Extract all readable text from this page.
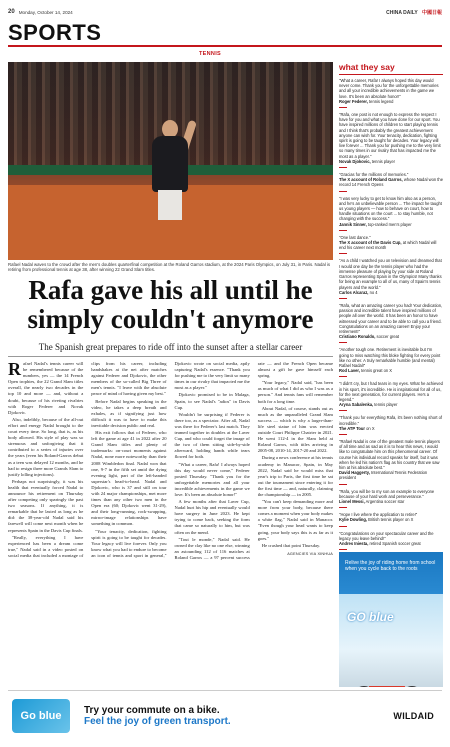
20 Monday, October 14, 2024	CHINA DAILY 中國日報
SPORTS
TENNIS
Rafael Nadal waves to the crowd after the men's doubles quarterfinal competition at the Roland Garros stadium, at the 2024 Paris Olympics, on July 31, in Paris. Nadal is retiring from professional tennis at age 38, after winning 22 Grand Slam titles.
Rafa gave his all until he simply couldn't anymore
The Spanish great prepares to ride off into the sunset after a stellar career

Rafael Nadal's tennis career will be remembered because of the numbers, yes — the 14 French Open trophies, the 22 Grand Slam titles overall, the nearly two decades in the top 10 and more — and, without a doubt, because of his riveting rivalries with Roger Federer and Novak Djokovic.

Also, indelibly, because of the all-out effort and energy Nadal brought to the court every time. So long, that is, as his body allowed. His style of play was so strenuous and unforgiving that it contributed to a series of injuries over the years (even his Roland-Garros debut as a teen was delayed 12 months, and he had to resign three more Grands Slam to justify lolling injections).

Perhaps not surprisingly, it was his health that eventually forced Nadal to announce his retirement on Thursday after competing only sparingly the past two seasons. If anything, it is remarkable that he lasted as long as he did: the 38-year-old Nadal said his farewell will come next month when he represents Spain in the Davis Cup finals.

"Really, everything I have experienced has been a dream come true," Nadal said in a video posted on social media that included a montage of clips from his career, including handshakes at the net after matches against Federer and Djokovic, the other members of the so-called Big Three of men's tennis. "I leave with the absolute peace of mind of having given my best."

Before Nadal begins speaking in the video, he takes a deep breath and exhales, as if signifying just how difficult it was to have to make this inevitable decision public and real.

His exit follows that of Federer, who left the game at age 41 in 2022 after 20 Grand Slam titles and plenty of trademarks: on-court moments against Nadal, none more noteworthy than their 2008 Wimbledon final. Nadal won that one, 9-7 in the fifth set amid the dying evening light, part of the left-handed superstar's head-to-head. Nadal and Djokovic, who is 37 and still on tour with 24 major championships, met more times than any other two men in the Open era (60; Djokovic went 31-29), and their long-running, rock-swapping, mirror-image relationships have something in common.

"Your tenacity, dedication, fighting spirit is going to be taught for decades. Your legacy will live forever. Only you know what you had to endure to become an icon of tennis and sport in general," Djokovic wrote on social media, aptly capturing Nadal's essence. "Thank you for pushing me to the very limit so many times in our rivalry that impacted me the most as a player."

Djokovic promised to be in Malaga, Spain, to see Nadal's "adios" in Davis Cup.

Wouldn't be surprising if Federer is there too, as a spectator. After all, Nadal was there for Federer's last match. They teamed together in doubles at the Laver Cup, and who could forget the image of the two of them sitting side-by-side afterward, holding hands while tears flowed for both.

"What a career, Rafa! I always hoped this day would never come," Federer posted Thursday. "Thank you for the unforgettable memories and all your incredible achievements in the game we love. It's been an absolute honor!"

A few months after that Laver Cup, Nadal hurt his hip and eventually would have surgery in June 2023. He kept trying to come back, seeking the form that came so naturally to him, but was often on the mend.

"Tout le monde," Nadal said. He owned the clay like no one else, winning an astounding 112 of 116 matches at Roland Garros — a 97 percent success rate — and the French Open became almost a gift he gave himself each spring.

"Your legacy," Nadal said, "has been as much of what I did as who I was as a person." And tennis fans will remember both for a long time.

About Nadal, of course, stands out as much as the unparalleled Grand Slam success — which is why a larger-than-life steel statue of him was erected outside Court Philippe Chatrier in 2021. He went 112-4 in the Slam held at Roland Garros, with titles arriving in 2005-08, 2010-14, 2017-20 and 2022.

During a news conference at his tennis academy in Manacor, Spain, in May 2022, Nadal said he would miss that year's trip to Paris, the first time he sat out the tournament since entering it for the first time — and, naturally, claiming the championship — in 2005.

"You can't keep demanding more and more from your body, because there comes a moment when your body makes a white flag," Nadal said in Manacor. "Even though your head wants to keep going, your body says this is as far as it goes."

He crashed that point Thursday.

AGENCIES VIA XINHUA

what they say
"What a career, Rafa! I always hoped this day would never come. Thank you for the unforgettable memories and all your incredible achievements in the game we love. It's been an absolute honor!"
Roger Federer, tennis legend
"Rafa, one post is not enough to express the respect I have for you and what you have done for our sport. You have inspired millions of children to start playing tennis and I think that's probably the greatest achievement anyone can wish for. Your tenacity, dedication, fighting spirit is going to be taught for decades. Your legacy will live forever ... Thank you for pushing me to the very limit so many times in our rivalry that has impacted me the most as a player."
Novak Djokovic, tennis player
"Gracias for the millions of memories."
The X account of Roland Garros, whose Nadal won the record 14 French Opens
"I was very lucky to get to know him also as a person, and he's an unbelievable person ... The impact he taught us young players — how to behave on court, how to handle situations on the court ... to stay humble, not changing with the success."
Jannik Sinner, top-ranked men's player
"One last dance."
The X account of the Davis Cup, at which Nadal will end his career next month
"As a child I watched you on television and dreamed that I would one day be the tennis player who had the immense pleasure of playing by your side at Roland Garros representing Spain in the Olympics! Many thanks for being an example to all of us, many of Spain's tennis players and the world."
Carlos Alcaraz, no 4
"Rafa, what an amazing career you had! Your dedication, passion and incredible talent have inspired millions of people all over the world. It has been an honor to have witnessed your career and to be able to call you a friend. Congratulations on an amazing career! Enjoy your retirement!"
Cristiano Ronaldo, soccer great
"Another tough one. Retirement is inevitable but I'm going to miss watching this bloke fighting for every point like no other. A truly remarkable humble (and mental) Rafael Nadal!"
Rod Laver, tennis great on X
"I didn't cry, but I had tears in my eyes. What he achieved in his sport, it's incredible. He is inspirational for all of us, for the next generation, for current players. He's a legend."
Aryna Sabalenka, tennis player
"Thank you for everything Rafa, it's been nothing short of incredible."
The ATP Tour on X
"Rafael Nadal is one of the greatest male tennis players of all time and as sad as it is to hear this news, I would like to congratulate him on this phenomenal career. Of course his individual record speaks for itself, but it was when he led his nation's flag as his country that we saw him at his absolute best."
David Haggerty, International Tennis Federation president
"Rafa, you will be to my son an example to everyone because of your hard work and perseverance."
Lionel Messi, Argentina soccer star
"Hope I live where the application to retire!"
Kylie Dowling, British tennis player on X
"Congratulations on your spectacular career and the legacy you leave behind!"
Andres Iniesta, retired Spanish soccer great
Relive the joy of riding home from school when you cycle back to the roots
GO blue
Go blue	Try your commute on a bike.
Feel the joy of green transport.	WILDAID
